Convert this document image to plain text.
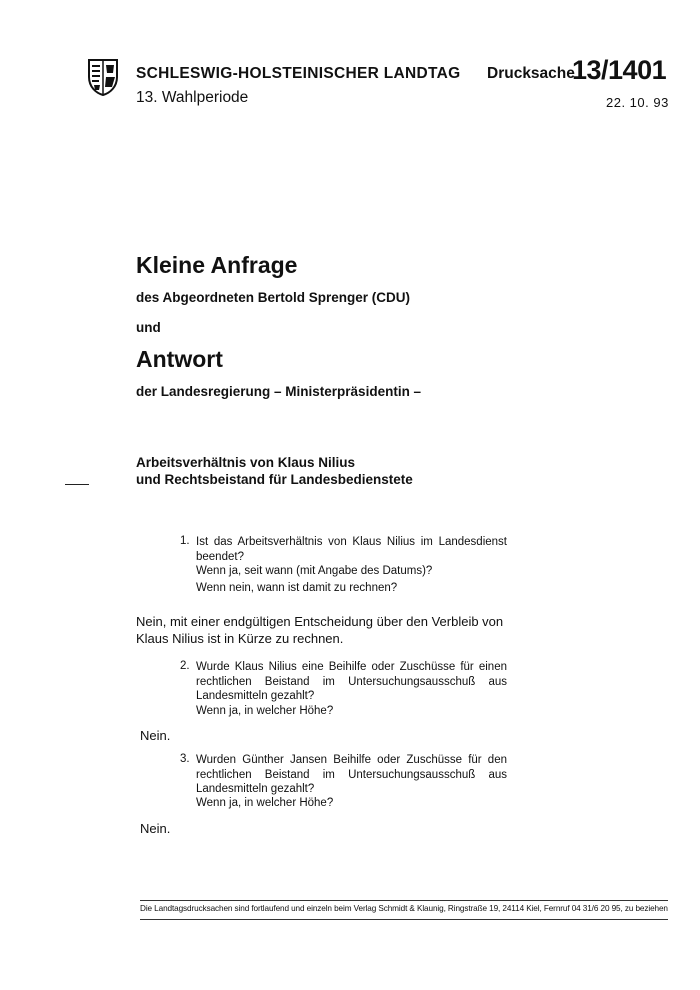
SCHLESWIG-HOLSTEINISCHER LANDTAG
13. Wahlperiode
Drucksache
13/1401
22. 10. 93
Kleine Anfrage
des Abgeordneten Bertold Sprenger (CDU)
und
Antwort
der Landesregierung – Ministerpräsidentin –
Arbeitsverhältnis von Klaus Nilius
und Rechtsbeistand für Landesbedienstete
1. Ist das Arbeitsverhältnis von Klaus Nilius im Landesdienst beendet?
Wenn ja, seit wann (mit Angabe des Datums)?
Wenn nein, wann ist damit zu rechnen?
Nein, mit einer endgültigen Entscheidung über den Verbleib von Klaus Nilius ist in Kürze zu rechnen.
2. Wurde Klaus Nilius eine Beihilfe oder Zuschüsse für einen rechtlichen Beistand im Untersuchungsausschuß aus Landesmitteln gezahlt?
Wenn ja, in welcher Höhe?
Nein.
3. Wurden Günther Jansen Beihilfe oder Zuschüsse für den rechtlichen Beistand im Untersuchungsausschuß aus Landesmitteln gezahlt?
Wenn ja, in welcher Höhe?
Nein.
Die Landtagsdrucksachen sind fortlaufend und einzeln beim Verlag Schmidt & Klaunig, Ringstraße 19, 24114 Kiel, Fernruf 04 31/6 20 95, zu beziehen
